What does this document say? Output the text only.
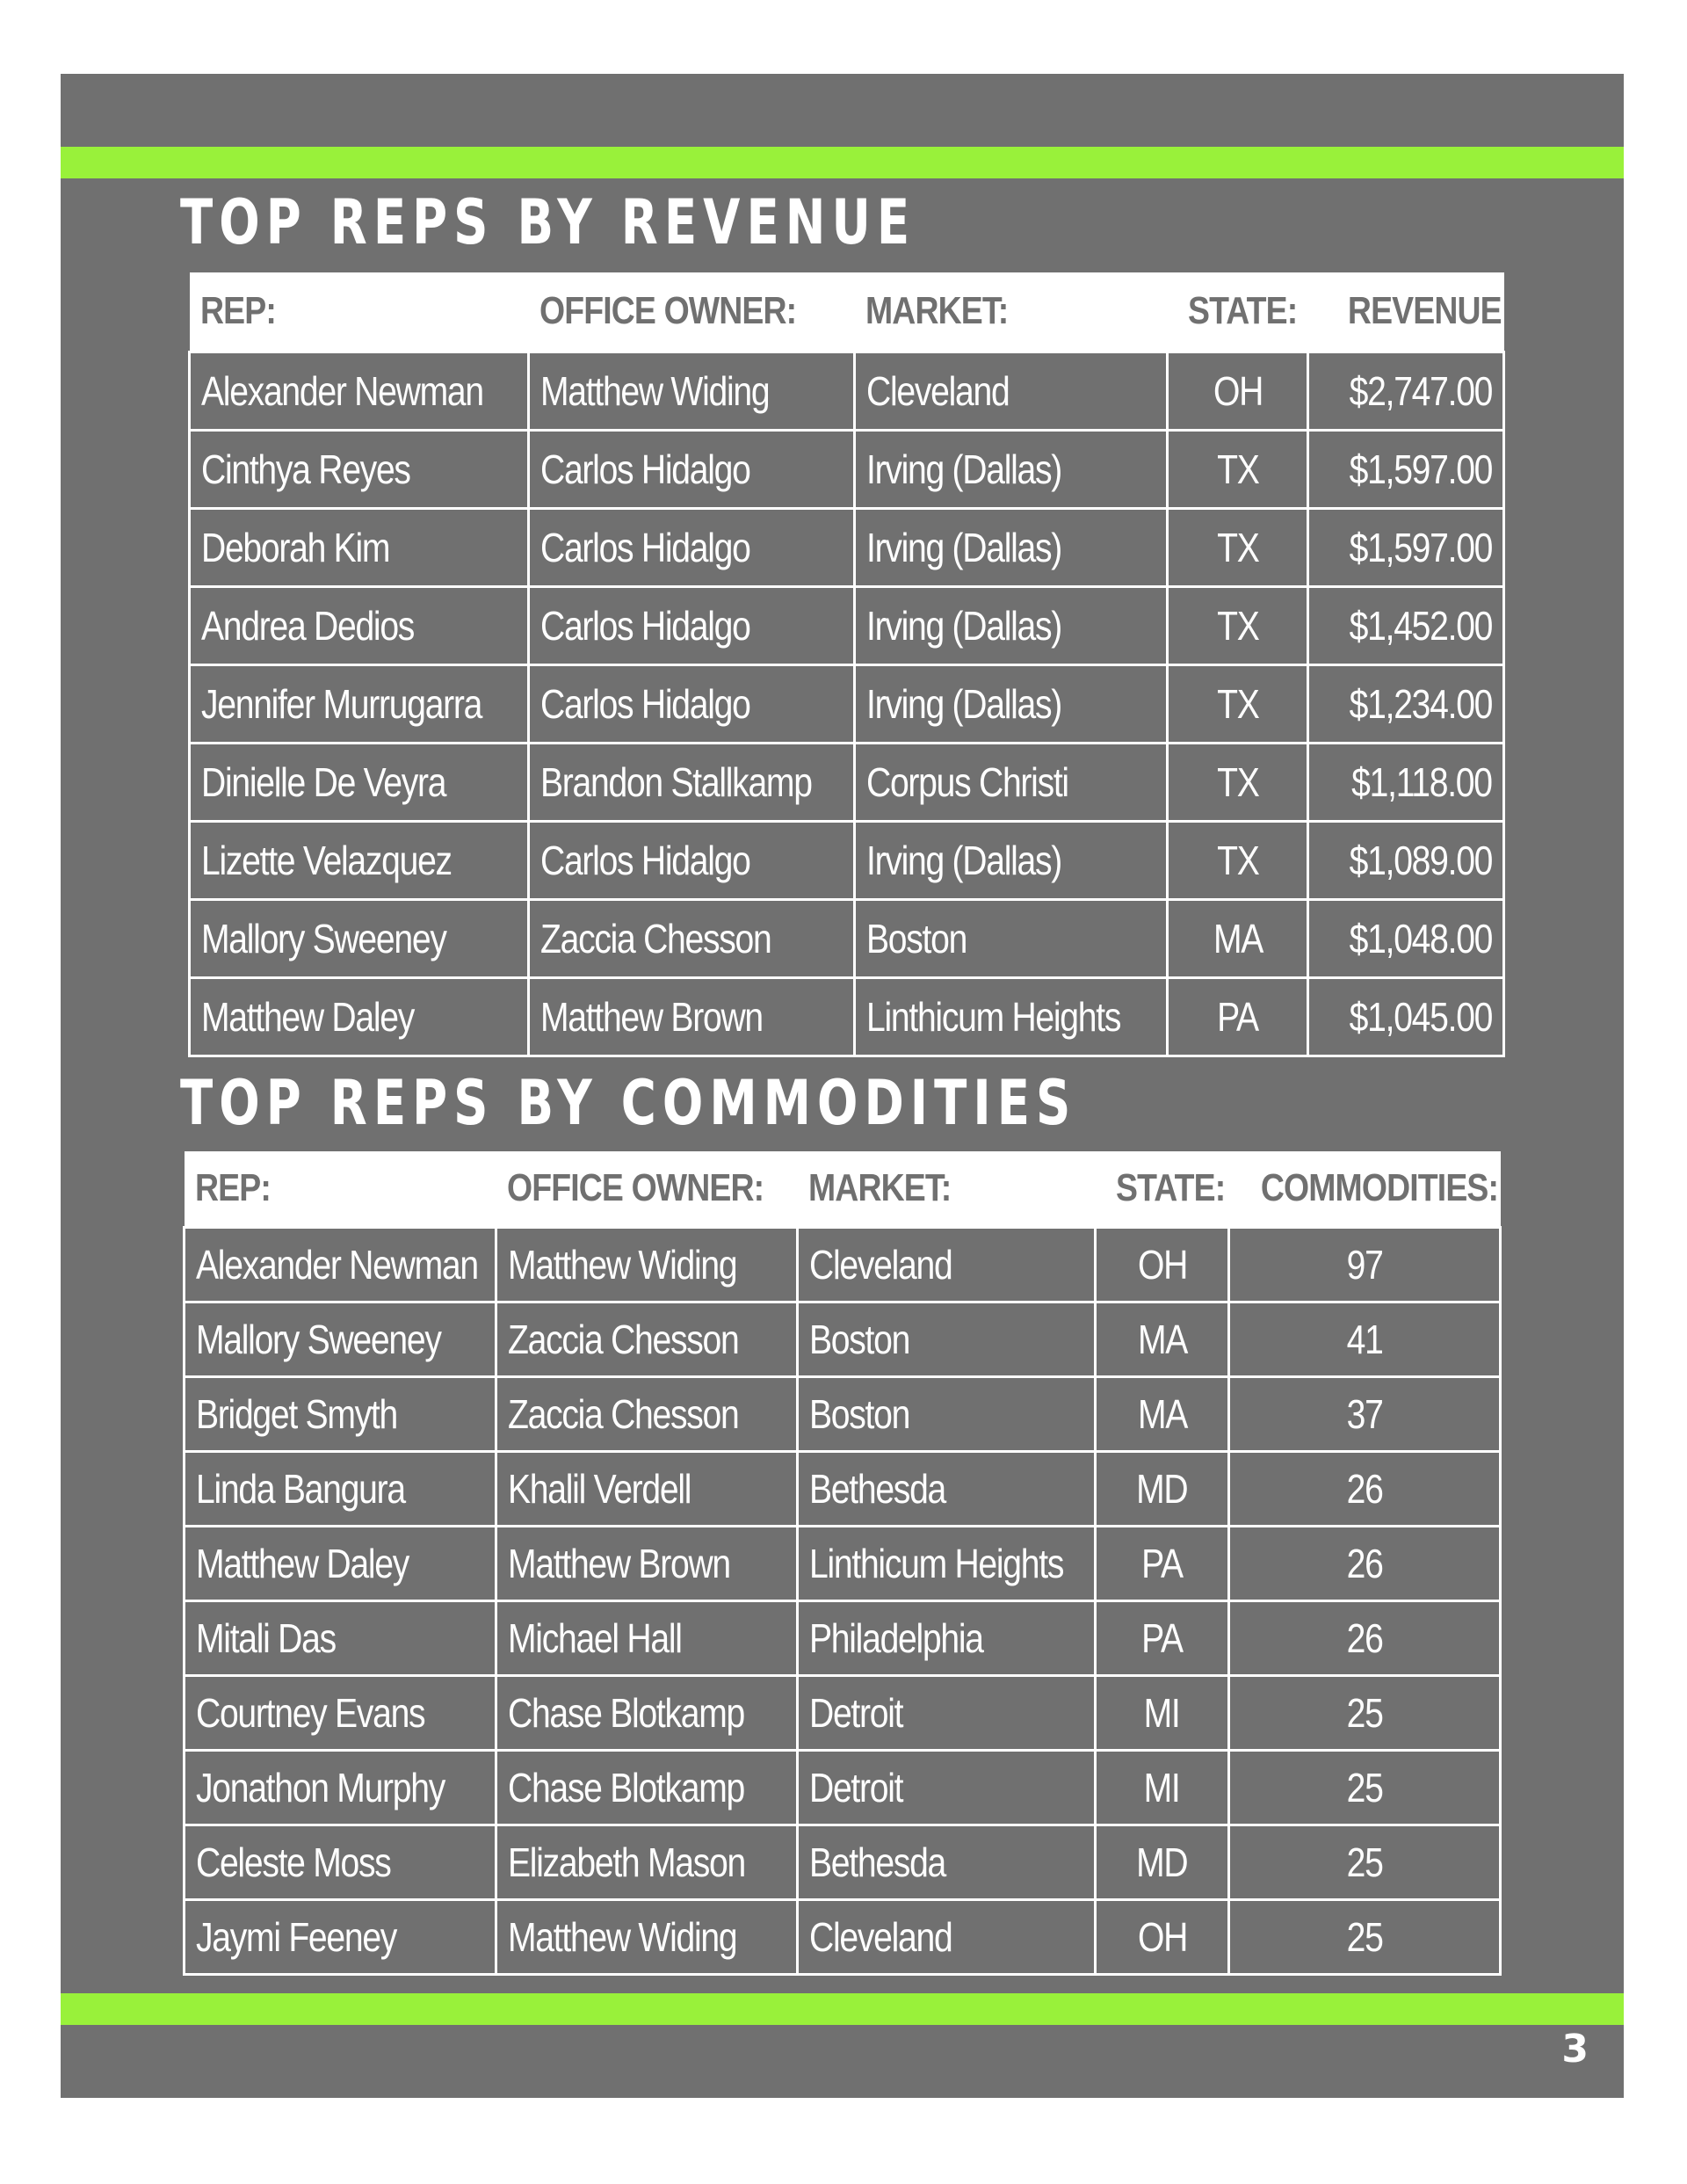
TOP REPS BY REVENUE
REP:	OFFICE OWNER:	MARKET:	STATE:	REVENUE:
Alexander Newman	Matthew Widing	Cleveland	OH	$2,747.00
Cinthya Reyes	Carlos Hidalgo	Irving (Dallas)	TX	$1,597.00
Deborah Kim	Carlos Hidalgo	Irving (Dallas)	TX	$1,597.00
Andrea Dedios	Carlos Hidalgo	Irving (Dallas)	TX	$1,452.00
Jennifer Murrugarra	Carlos Hidalgo	Irving (Dallas)	TX	$1,234.00
Dinielle De Veyra	Brandon Stallkamp	Corpus Christi	TX	$1,118.00
Lizette Velazquez	Carlos Hidalgo	Irving (Dallas)	TX	$1,089.00
Mallory Sweeney	Zaccia Chesson	Boston	MA	$1,048.00
Matthew Daley	Matthew Brown	Linthicum Heights	PA	$1,045.00
TOP REPS BY COMMODITIES
REP:	OFFICE OWNER:	MARKET:	STATE:	COMMODITIES:
Alexander Newman	Matthew Widing	Cleveland	OH	97
Mallory Sweeney	Zaccia Chesson	Boston	MA	41
Bridget Smyth	Zaccia Chesson	Boston	MA	37
Linda Bangura	Khalil Verdell	Bethesda	MD	26
Matthew Daley	Matthew Brown	Linthicum Heights	PA	26
Mitali Das	Michael Hall	Philadelphia	PA	26
Courtney Evans	Chase Blotkamp	Detroit	MI	25
Jonathon Murphy	Chase Blotkamp	Detroit	MI	25
Celeste Moss	Elizabeth Mason	Bethesda	MD	25
Jaymi Feeney	Matthew Widing	Cleveland	OH	25
3
